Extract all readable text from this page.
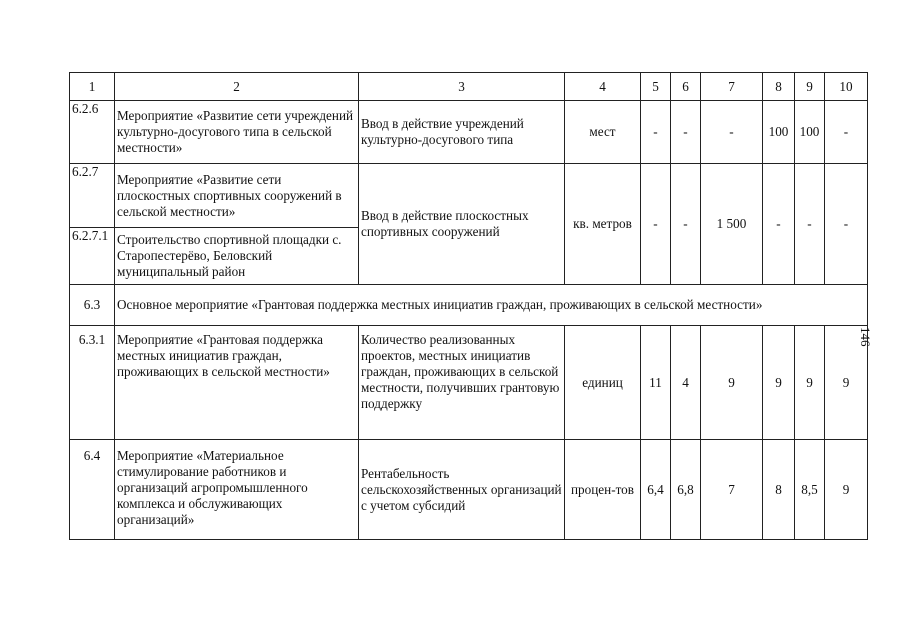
1	2	3	4	5	6	7	8	9	10
6.2.6	Мероприятие «Развитие сети учреждений культурно-досугового типа в сельской местности»	Ввод в действие учреждений культурно-досугового типа	мест	-	-	-	100	100	-
6.2.7	Мероприятие «Развитие сети плоскостных спортивных сооружений в сельской местности»	Ввод в действие плоскостных спортивных сооружений	кв. метров	-	-	1 500	-	-	-
6.2.7.1	Строительство спортивной площадки с. Старопестерёво, Беловский муниципальный район								
6.3	Основное мероприятие «Грантовая поддержка местных инициатив граждан, проживающих в сельской местности»								
6.3.1	Мероприятие «Грантовая поддержка местных инициатив граждан, проживающих в сельской местности»	Количество реализованных проектов, местных инициатив граждан, проживающих в сельской местности, получивших грантовую поддержку	единиц	11	4	9	9	9	9
6.4	Мероприятие «Материальное стимулирование работников и организаций агропромышленного комплекса и обслуживающих организаций»	Рентабельность сельскохозяйственных организаций с учетом субсидий	процен-тов	6,4	6,8	7	8	8,5	9
146
